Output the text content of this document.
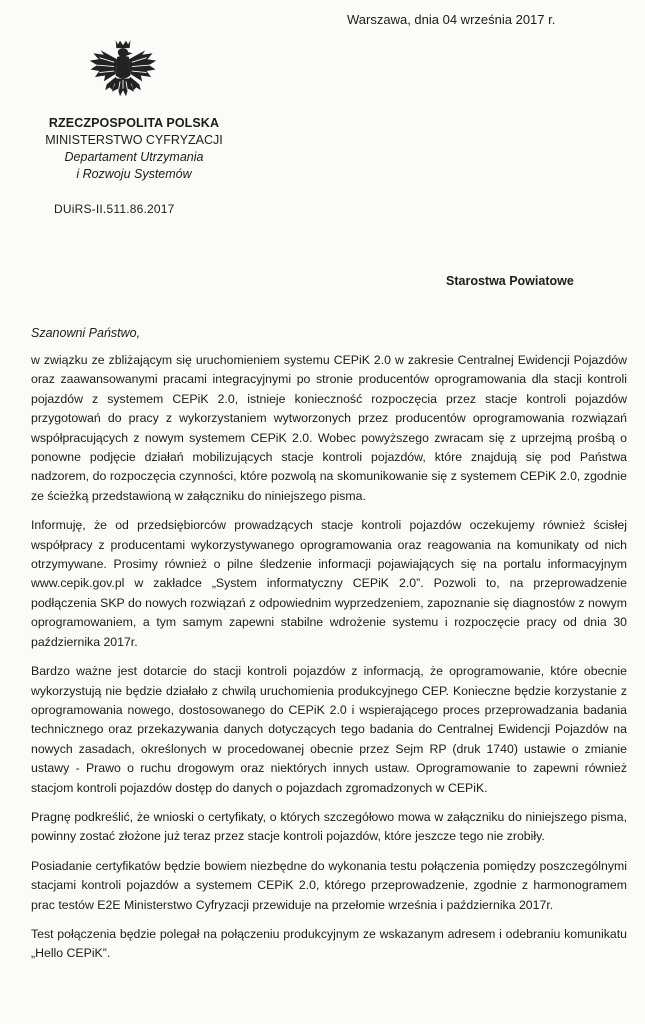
Warszawa, dnia 04 września 2017 r.
RZECZPOSPOLITA POLSKA
MINISTERSTWO CYFRYZACJI
Departament Utrzymania
i Rozwoju Systemów
DUiRS-II.511.86.2017
Starostwa Powiatowe
Szanowni Państwo,

w związku ze zbliżającym się uruchomieniem systemu CEPiK 2.0 w zakresie Centralnej Ewidencji Pojazdów oraz zaawansowanymi pracami integracyjnymi po stronie producentów oprogramowania dla stacji kontroli pojazdów z systemem CEPiK 2.0, istnieje konieczność rozpoczęcia przez stacje kontroli pojazdów przygotowań do pracy z wykorzystaniem wytworzonych przez producentów oprogramowania rozwiązań współpracujących z nowym systemem CEPiK 2.0. Wobec powyższego zwracam się z uprzejmą prośbą o ponowne podjęcie działań mobilizujących stacje kontroli pojazdów, które znajdują się pod Państwa nadzorem, do rozpoczęcia czynności, które pozwolą na skomunikowanie się z systemem CEPiK 2.0, zgodnie ze ścieżką przedstawioną w załączniku do niniejszego pisma.

Informuję, że od przedsiębiorców prowadzących stacje kontroli pojazdów oczekujemy również ścisłej współpracy z producentami wykorzystywanego oprogramowania oraz reagowania na komunikaty od nich otrzymywane. Prosimy również o pilne śledzenie informacji pojawiających się na portalu informacyjnym www.cepik.gov.pl w zakładce „System informatyczny CEPiK 2.0”. Pozwoli to, na przeprowadzenie podłączenia SKP do nowych rozwiązań z odpowiednim wyprzedzeniem, zapoznanie się diagnostów z nowym oprogramowaniem, a tym samym zapewni stabilne wdrożenie systemu i rozpoczęcie pracy od dnia 30 października 2017r.

Bardzo ważne jest dotarcie do stacji kontroli pojazdów z informacją, że oprogramowanie, które obecnie wykorzystują nie będzie działało z chwilą uruchomienia produkcyjnego CEP. Konieczne będzie korzystanie z oprogramowania nowego, dostosowanego do CEPiK 2.0 i wspierającego proces przeprowadzania badania technicznego oraz przekazywania danych dotyczących tego badania do Centralnej Ewidencji Pojazdów na nowych zasadach, określonych w procedowanej obecnie przez Sejm RP (druk 1740) ustawie o zmianie ustawy - Prawo o ruchu drogowym oraz niektórych innych ustaw. Oprogramowanie to zapewni również stacjom kontroli pojazdów dostęp do danych o pojazdach zgromadzonych w CEPiK.

Pragnę podkreślić, że wnioski o certyfikaty, o których szczegółowo mowa w załączniku do niniejszego pisma, powinny zostać złożone już teraz przez stacje kontroli pojazdów, które jeszcze tego nie zrobiły.

Posiadanie certyfikatów będzie bowiem niezbędne do wykonania testu połączenia pomiędzy poszczególnymi stacjami kontroli pojazdów a systemem CEPiK 2.0, którego przeprowadzenie, zgodnie z harmonogramem prac testów E2E Ministerstwo Cyfryzacji przewiduje na przełomie września i października 2017r.

Test połączenia będzie polegał na połączeniu produkcyjnym ze wskazanym adresem i odebraniu komunikatu „Hello CEPiK”.
